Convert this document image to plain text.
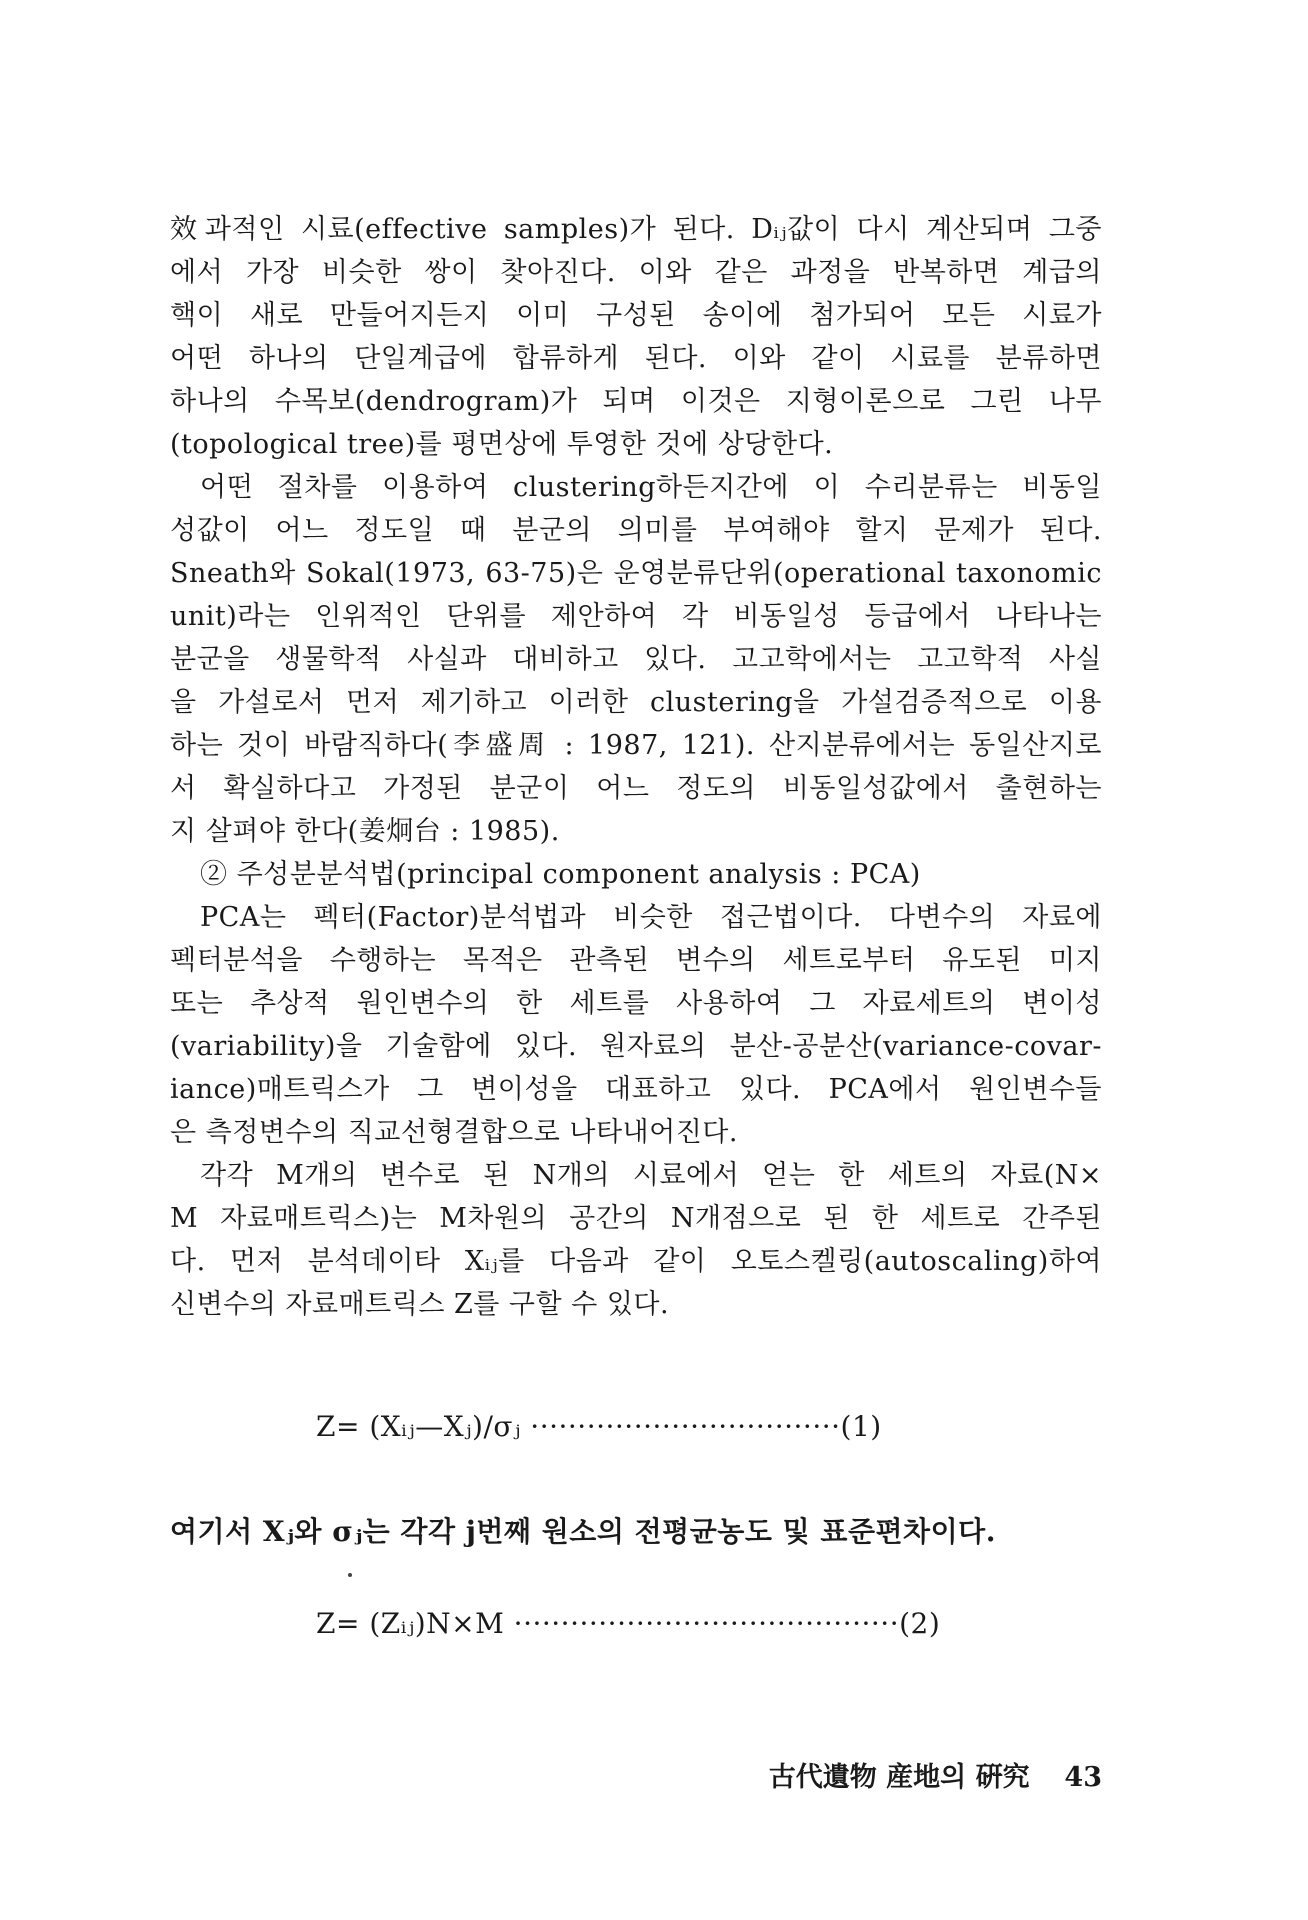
效과적인 시료(effective samples)가 된다. Dᵢⱼ값이 다시 계산되며 그중
에서 가장 비슷한 쌍이 찾아진다. 이와 같은 과정을 반복하면 계급의
핵이 새로 만들어지든지 이미 구성된 송이에 첨가되어 모든 시료가
어떤 하나의 단일계급에 합류하게 된다. 이와 같이 시료를 분류하면
하나의 수목보(dendrogram)가 되며 이것은 지형이론으로 그린 나무
(topological tree)를 평면상에 투영한 것에 상당한다.
어떤 절차를 이용하여 clustering하든지간에 이 수리분류는 비동일
성값이 어느 정도일 때 분군의 의미를 부여해야 할지 문제가 된다.
Sneath와 Sokal(1973, 63-75)은 운영분류단위(operational taxonomic
unit)라는 인위적인 단위를 제안하여 각 비동일성 등급에서 나타나는
분군을 생물학적 사실과 대비하고 있다. 고고학에서는 고고학적 사실
을 가설로서 먼저 제기하고 이러한 clustering을 가설검증적으로 이용
하는 것이 바람직하다(李盛周 : 1987, 121). 산지분류에서는 동일산지로
서 확실하다고 가정된 분군이 어느 정도의 비동일성값에서 출현하는
지 살펴야 한다(姜炯台 : 1985).
② 주성분분석법(principal component analysis : PCA)
PCA는 펙터(Factor)분석법과 비슷한 접근법이다. 다변수의 자료에
펙터분석을 수행하는 목적은 관측된 변수의 세트로부터 유도된 미지
또는 추상적 원인변수의 한 세트를 사용하여 그 자료세트의 변이성
(variability)을 기술함에 있다. 원자료의 분산-공분산(variance-covar-
iance)매트릭스가 그 변이성을 대표하고 있다. PCA에서 원인변수들
은 측정변수의 직교선형결합으로 나타내어진다.
각각 M개의 변수로 된 N개의 시료에서 얻는 한 세트의 자료(N×
M 자료매트릭스)는 M차원의 공간의 N개점으로 된 한 세트로 간주된
다. 먼저 분석데이타 Xᵢⱼ를 다음과 같이 오토스켈링(autoscaling)하여
신변수의 자료매트릭스 Z를 구할 수 있다.
Z= (Xᵢⱼ—Xⱼ)/σⱼ ·································(1)
여기서 Xⱼ와 σⱼ는 각각 j번째 원소의 전평균농도 및 표준편차이다.
Z= (Zᵢⱼ)N×M ·········································(2)
古代遺物 産地의 硏究 43
